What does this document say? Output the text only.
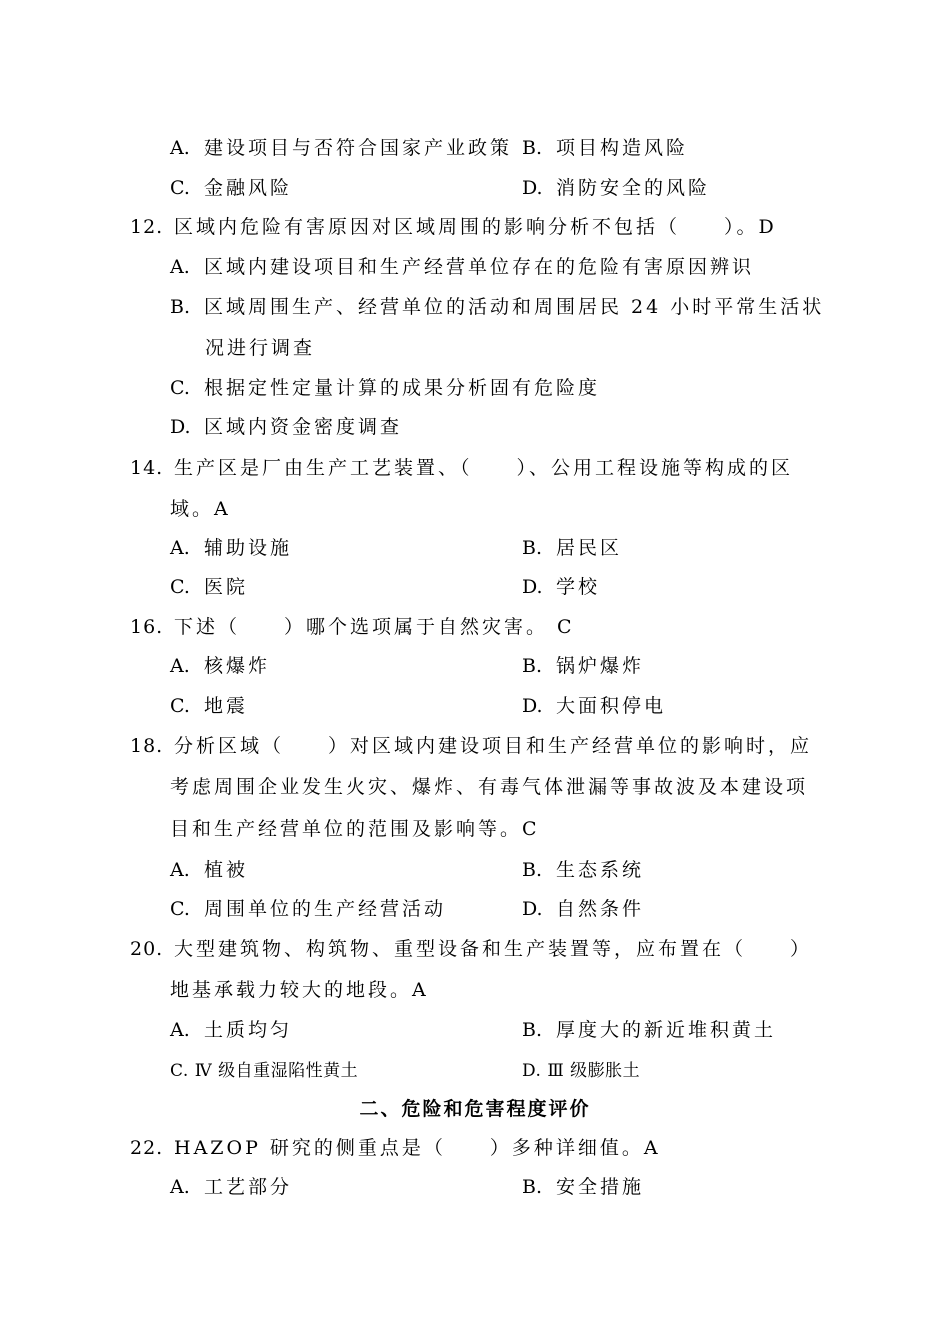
A. 建设项目与否符合国家产业政策 B. 项目构造风险
C. 金融风险	D. 消防安全的风险
12. 区域内危险有害原因对区域周围的影响分析不包括（　　）。D
A. 区域内建设项目和生产经营单位存在的危险有害原因辨识
B. 区域周围生产、经营单位的活动和周围居民 24 小时平常生活状
况进行调查
C. 根据定性定量计算的成果分析固有危险度
D. 区域内资金密度调查
14. 生产区是厂由生产工艺装置、（　　）、公用工程设施等构成的区
域。A
A. 辅助设施	B. 居民区
C. 医院	D. 学校
16. 下述（　　）哪个选项属于自然灾害。 C
A. 核爆炸	B. 锅炉爆炸
C. 地震	D. 大面积停电
18. 分析区域（　　）对区域内建设项目和生产经营单位的影响时，应
考虑周围企业发生火灾、爆炸、有毒气体泄漏等事故波及本建设项
目和生产经营单位的范围及影响等。C
A. 植被	B. 生态系统
C. 周围单位的生产经营活动	D. 自然条件
20. 大型建筑物、构筑物、重型设备和生产装置等，应布置在（　　）
地基承载力较大的地段。A
A. 土质均匀	B. 厚度大的新近堆积黄土
C. Ⅳ 级自重湿陷性黄土	D. Ⅲ 级膨胀土
二、危险和危害程度评价
22. HAZOP 研究的侧重点是（　　）多种详细值。A
A. 工艺部分	B. 安全措施
